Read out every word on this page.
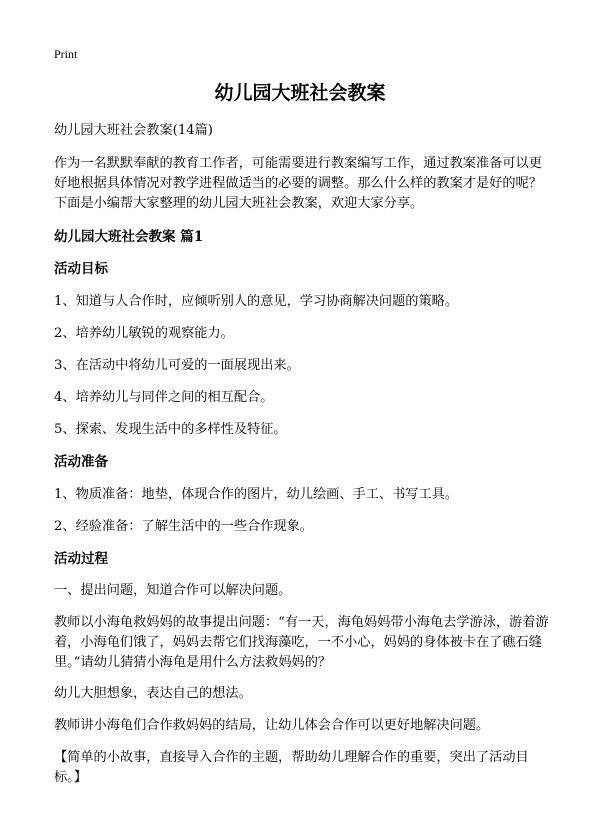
Print
幼儿园大班社会教案

幼儿园大班社会教案(14篇)

作为一名默默奉献的教育工作者，可能需要进行教案编写工作，通过教案准备可以更好地根据具体情况对教学进程做适当的必要的调整。那么什么样的教案才是好的呢？下面是小编帮大家整理的幼儿园大班社会教案，欢迎大家分享。

幼儿园大班社会教案 篇1

活动目标

1、知道与人合作时，应倾听别人的意见，学习协商解决问题的策略。

2、培养幼儿敏锐的观察能力。

3、在活动中将幼儿可爱的一面展现出来。

4、培养幼儿与同伴之间的相互配合。

5、探索、发现生活中的多样性及特征。

活动准备

1、物质准备：地垫，体现合作的图片，幼儿绘画、手工、书写工具。

2、经验准备：了解生活中的一些合作现象。

活动过程

一、提出问题，知道合作可以解决问题。

教师以小海龟救妈妈的故事提出问题：“有一天，海龟妈妈带小海龟去学游泳，游着游着，小海龟们饿了，妈妈去帮它们找海藻吃，一不小心，妈妈的身体被卡在了礁石缝里。”请幼儿猜猜小海龟是用什么方法救妈妈的？

幼儿大胆想象，表达自己的想法。

教师讲小海龟们合作救妈妈的结局，让幼儿体会合作可以更好地解决问题。

【简单的小故事，直接导入合作的主题，帮助幼儿理解合作的重要，突出了活动目标。】
